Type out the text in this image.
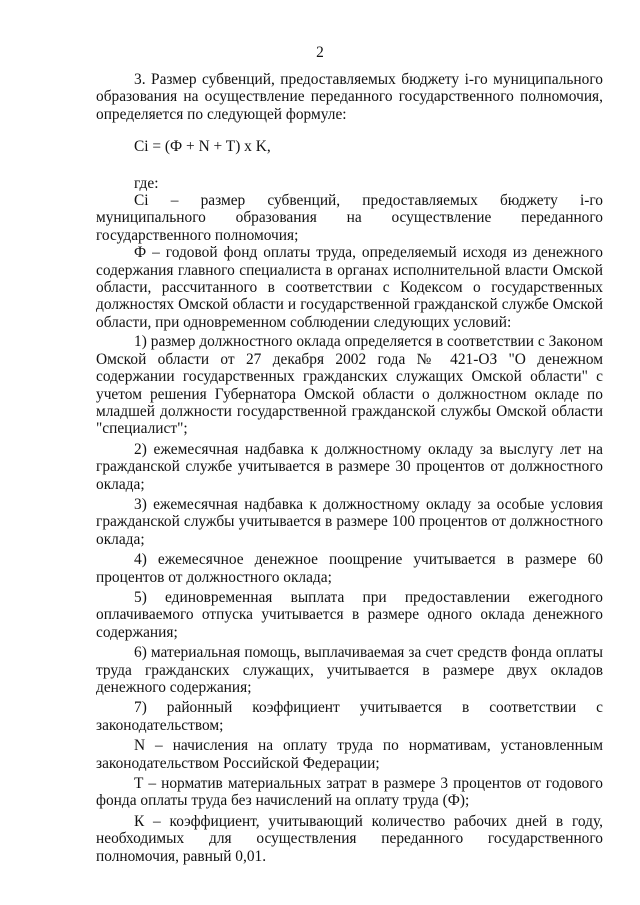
2

3. Размер субвенций, предоставляемых бюджету i-го муниципального образования на осуществление переданного государственного полномочия, определяется по следующей формуле:

Ci = (Ф + N + T) x K,

где:

Ci – размер субвенций, предоставляемых бюджету i-го муниципального образования на осуществление переданного государственного полномочия;

Ф – годовой фонд оплаты труда, определяемый исходя из денежного содержания главного специалиста в органах исполнительной власти Омской области, рассчитанного в соответствии с Кодексом о государственных должностях Омской области и государственной гражданской службе Омской области, при одновременном соблюдении следующих условий:

1) размер должностного оклада определяется в соответствии с Законом Омской области от 27 декабря 2002 года № 421-ОЗ "О денежном содержании государственных гражданских служащих Омской области" с учетом решения Губернатора Омской области о должностном окладе по младшей должности государственной гражданской службы Омской области "специалист";

2) ежемесячная надбавка к должностному окладу за выслугу лет на гражданской службе учитывается в размере 30 процентов от должностного оклада;

3) ежемесячная надбавка к должностному окладу за особые условия гражданской службы учитывается в размере 100 процентов от должностного оклада;

4) ежемесячное денежное поощрение учитывается в размере 60 процентов от должностного оклада;

5) единовременная выплата при предоставлении ежегодного оплачиваемого отпуска учитывается в размере одного оклада денежного содержания;

6) материальная помощь, выплачиваемая за счет средств фонда оплаты труда гражданских служащих, учитывается в размере двух окладов денежного содержания;

7) районный коэффициент учитывается в соответствии с законодательством;

N – начисления на оплату труда по нормативам, установленным законодательством Российской Федерации;

Т – норматив материальных затрат в размере 3 процентов от годового фонда оплаты труда без начислений на оплату труда (Ф);

К – коэффициент, учитывающий количество рабочих дней в году, необходимых для осуществления переданного государственного полномочия, равный 0,01.
